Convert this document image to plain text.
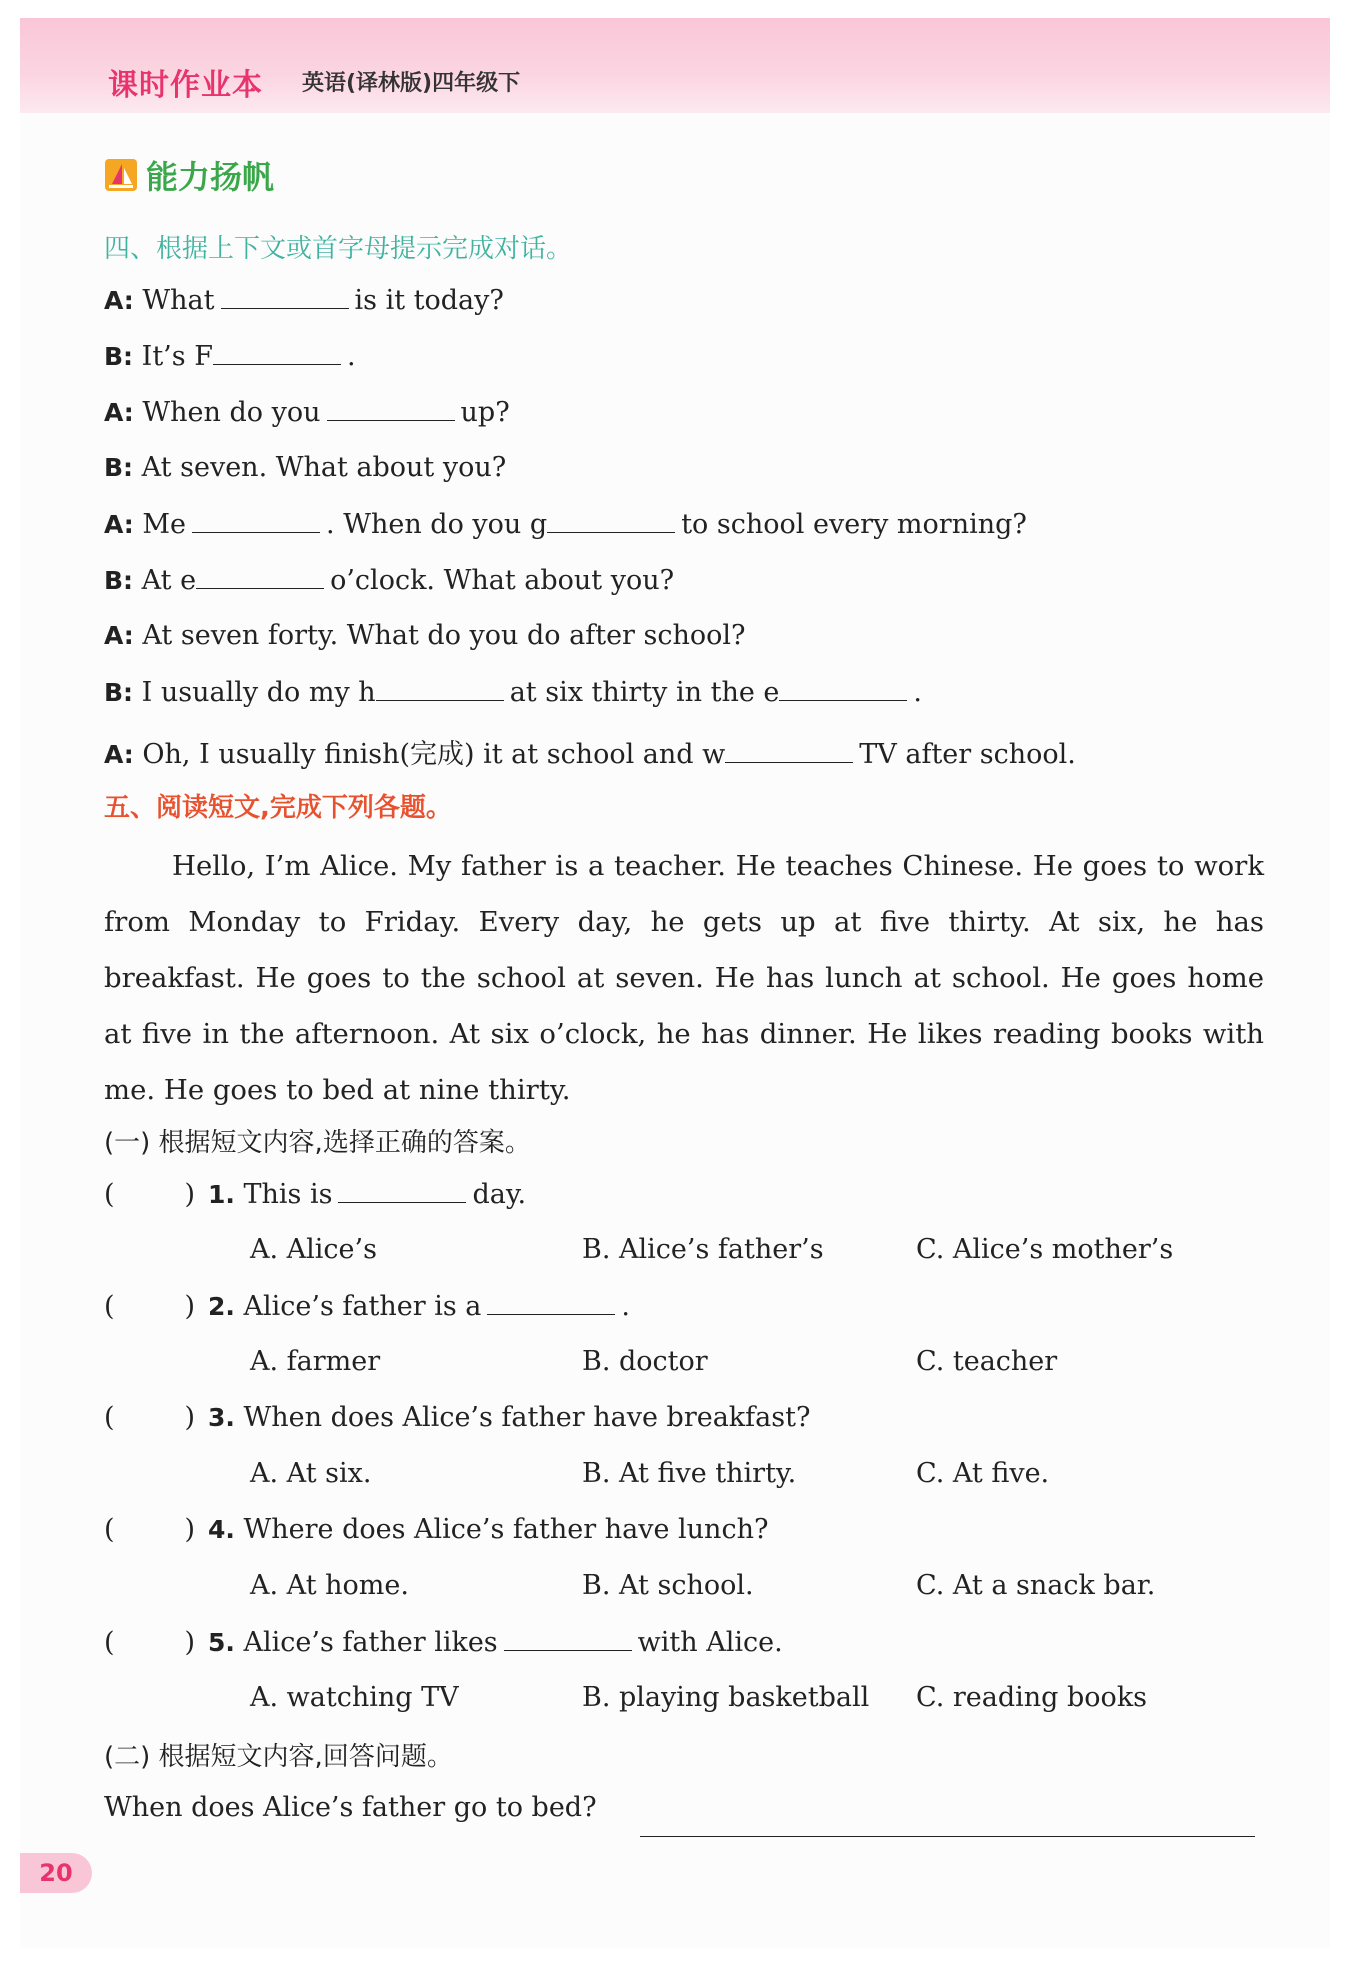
课时作业本 英语(译林版)四年级下
能力扬帆
四、根据上下文或首字母提示完成对话。
A: What	is it today?
B: It’s F	.
A: When do you	up?
B: At seven. What about you?
A: Me	. When do you g	to school every morning?
B: At e	o’clock. What about you?
A: At seven forty. What do you do after school?
B: I usually do my h	at six thirty in the e	.
A: Oh, I usually finish(完成) it at school and w	TV after school.
五、阅读短文,完成下列各题。

Hello, I’m Alice. My father is a teacher. He teaches Chinese. He goes to work from Monday to Friday. Every day, he gets up at five thirty. At six, he has breakfast. He goes to the school at seven. He has lunch at school. He goes home at five in the afternoon. At six o’clock, he has dinner. He likes reading books with me. He goes to bed at nine thirty.

(一) 根据短文内容,选择正确的答案。
(	) 1. This is	day.
A. Alice’s	B. Alice’s father’s	C. Alice’s mother’s
(	) 2. Alice’s father is a	.
A. farmer	B. doctor	C. teacher
(	) 3. When does Alice’s father have breakfast?
A. At six.	B. At five thirty.	C. At five.
(	) 4. Where does Alice’s father have lunch?
A. At home.	B. At school.	C. At a snack bar.
(	) 5. Alice’s father likes	with Alice.
A. watching TV	B. playing basketball C. reading books
(二) 根据短文内容,回答问题。
When does Alice’s father go to bed?
20
